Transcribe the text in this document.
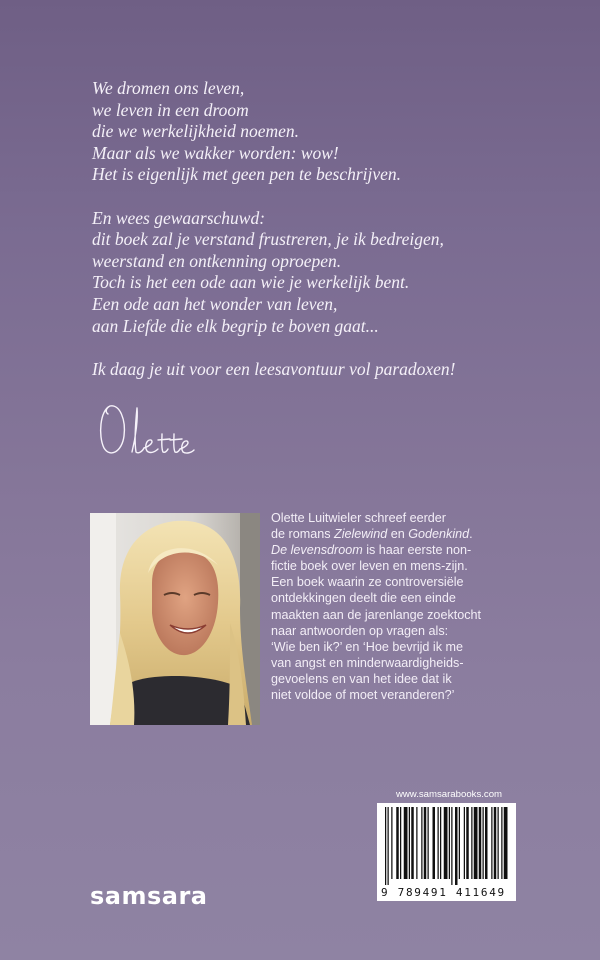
We dromen ons leven,
we leven in een droom
die we werkelijkheid noemen.
Maar als we wakker worden: wow!
Het is eigenlijk met geen pen te beschrijven.
En wees gewaarschuwd:
dit boek zal je verstand frustreren, je ik bedreigen,
weerstand en ontkenning oproepen.
Toch is het een ode aan wie je werkelijk bent.
Een ode aan het wonder van leven,
aan Liefde die elk begrip te boven gaat...
Ik daag je uit voor een leesavontuur vol paradoxen!
Olette Luitwieler schreef eerder
de romans Zielewind en Godenkind.
De levensdroom is haar eerste non-
fictie boek over leven en mens-zijn.
Een boek waarin ze controversiële
ontdekkingen deelt die een einde
maakten aan de jarenlange zoektocht
naar antwoorden op vragen als:
‘Wie ben ik?’ en ‘Hoe bevrijd ik me
van angst en minderwaardigheids-
gevoelens en van het idee dat ik
niet voldoe of moet veranderen?’
www.samsarabooks.com
9 789491 411649
samsara
